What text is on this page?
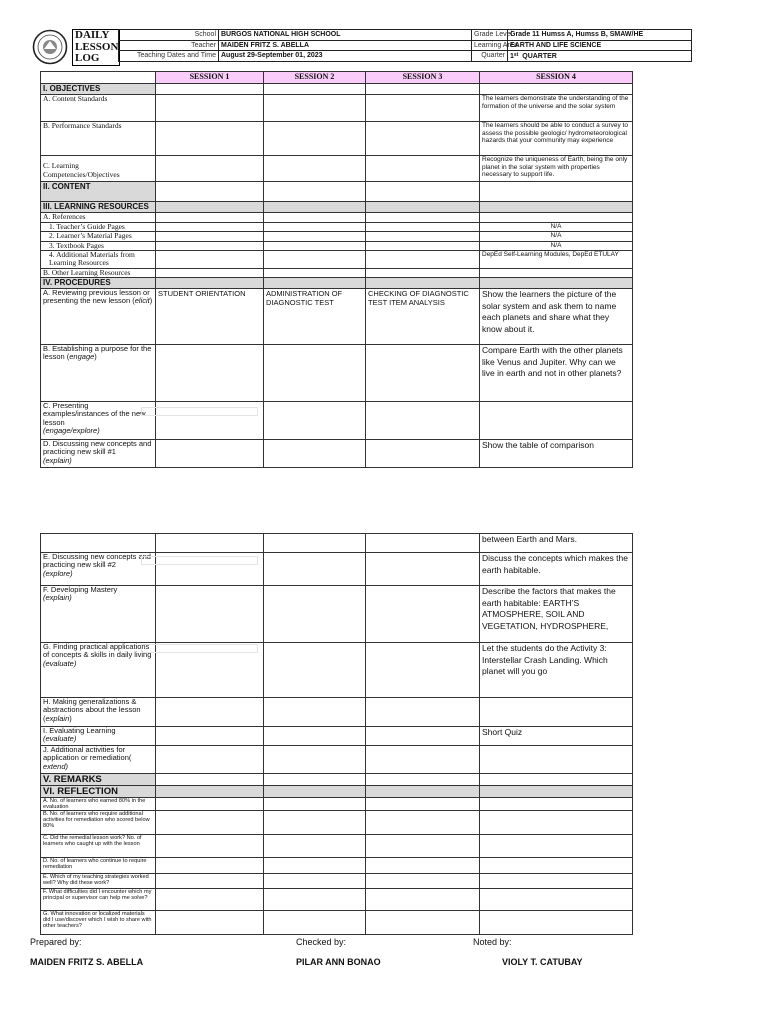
DAILY
LESSON
LOG
School	BURGOS NATIONAL HIGH SCHOOL	Grade Level	Grade 11 Humss A, Humss B, SMAW/HE
Teacher	MAIDEN FRITZ S. ABELLA	Learning Area	EARTH AND LIFE SCIENCE
Teaching Dates and Time	August 29-September 01, 2023	Quarter	1st QUARTER
	SESSION 1	SESSION 2	SESSION 3	SESSION 4
I. OBJECTIVES				
A. Content Standards				The learners demonstrate the understanding of the formation of the universe and the solar system
B. Performance Standards				The learners should be able to conduct a survey to assess the possible geologic/ hydrometeorological hazards that your community may experience
C. Learning Competencies/Objectives				Recognize the uniqueness of Earth, being the only planet in the solar system with properties necessary to support life.
II. CONTENT				
III. LEARNING RESOURCES				
A. References				
1. Teacher’s Guide Pages				N/A
2. Learner’s Material Pages				N/A
3. Textbook Pages				N/A
4. Additional Materials from Learning Resources				DepEd Self-Learning Modules, DepEd ETULAY
B. Other Learning Resources				
IV. PROCEDURES				
A. Reviewing previous lesson or presenting the new lesson (elicit)	STUDENT ORIENTATION	ADMINISTRATION OF DIAGNOSTIC TEST	CHECKING OF DIAGNOSTIC TEST ITEM ANALYSIS	Show the learners the picture of the solar system and ask them to name each planets and share what they know about it.
B. Establishing a purpose for the lesson (engage)				Compare Earth with the other planets like Venus and Jupiter. Why can we live in earth and not in other planets?
C. Presenting examples/instances of the new lesson
(engage/explore)				
D. Discussing new concepts and practicing new skill #1
(explain)				Show the table of comparison
				between Earth and Mars.
E. Discussing new concepts and practicing new skill #2
(explore)				Discuss the concepts which makes the earth habitable.
F. Developing Mastery
(explain)				Describe the factors that makes the earth habitable: EARTH’S ATMOSPHERE, SOIL AND VEGETATION, HYDROSPHERE,
G. Finding practical applications of concepts & skills in daily living
(evaluate)				Let the students do the Activity 3: Interstellar Crash Landing. Which planet will you go
H. Making generalizations & abstractions about the lesson (explain)				
I. Evaluating Learning
(evaluate)				Short Quiz
J. Additional activities for application or remediation(
extend)				
V. REMARKS				
VI. REFLECTION				
A. No. of learners who earned 80% in the evaluation				
B. No. of learners who require additional activities for remediation who scored below 80%				
C. Did the remedial lesson work? No. of learners who caught up with the lesson				
D. No. of learners who continue to require remediation				
E. Which of my teaching strategies worked well? Why did these work?				
F. What difficulties did I encounter which my principal or supervisor can help me solve?				
G. What innovation or localized materials did I use/discover which I wish to share with other teachers?				
Prepared by:	Checked by:	Noted by:
MAIDEN FRITZ S. ABELLA	PILAR ANN BONAO	VIOLY T. CATUBAY
